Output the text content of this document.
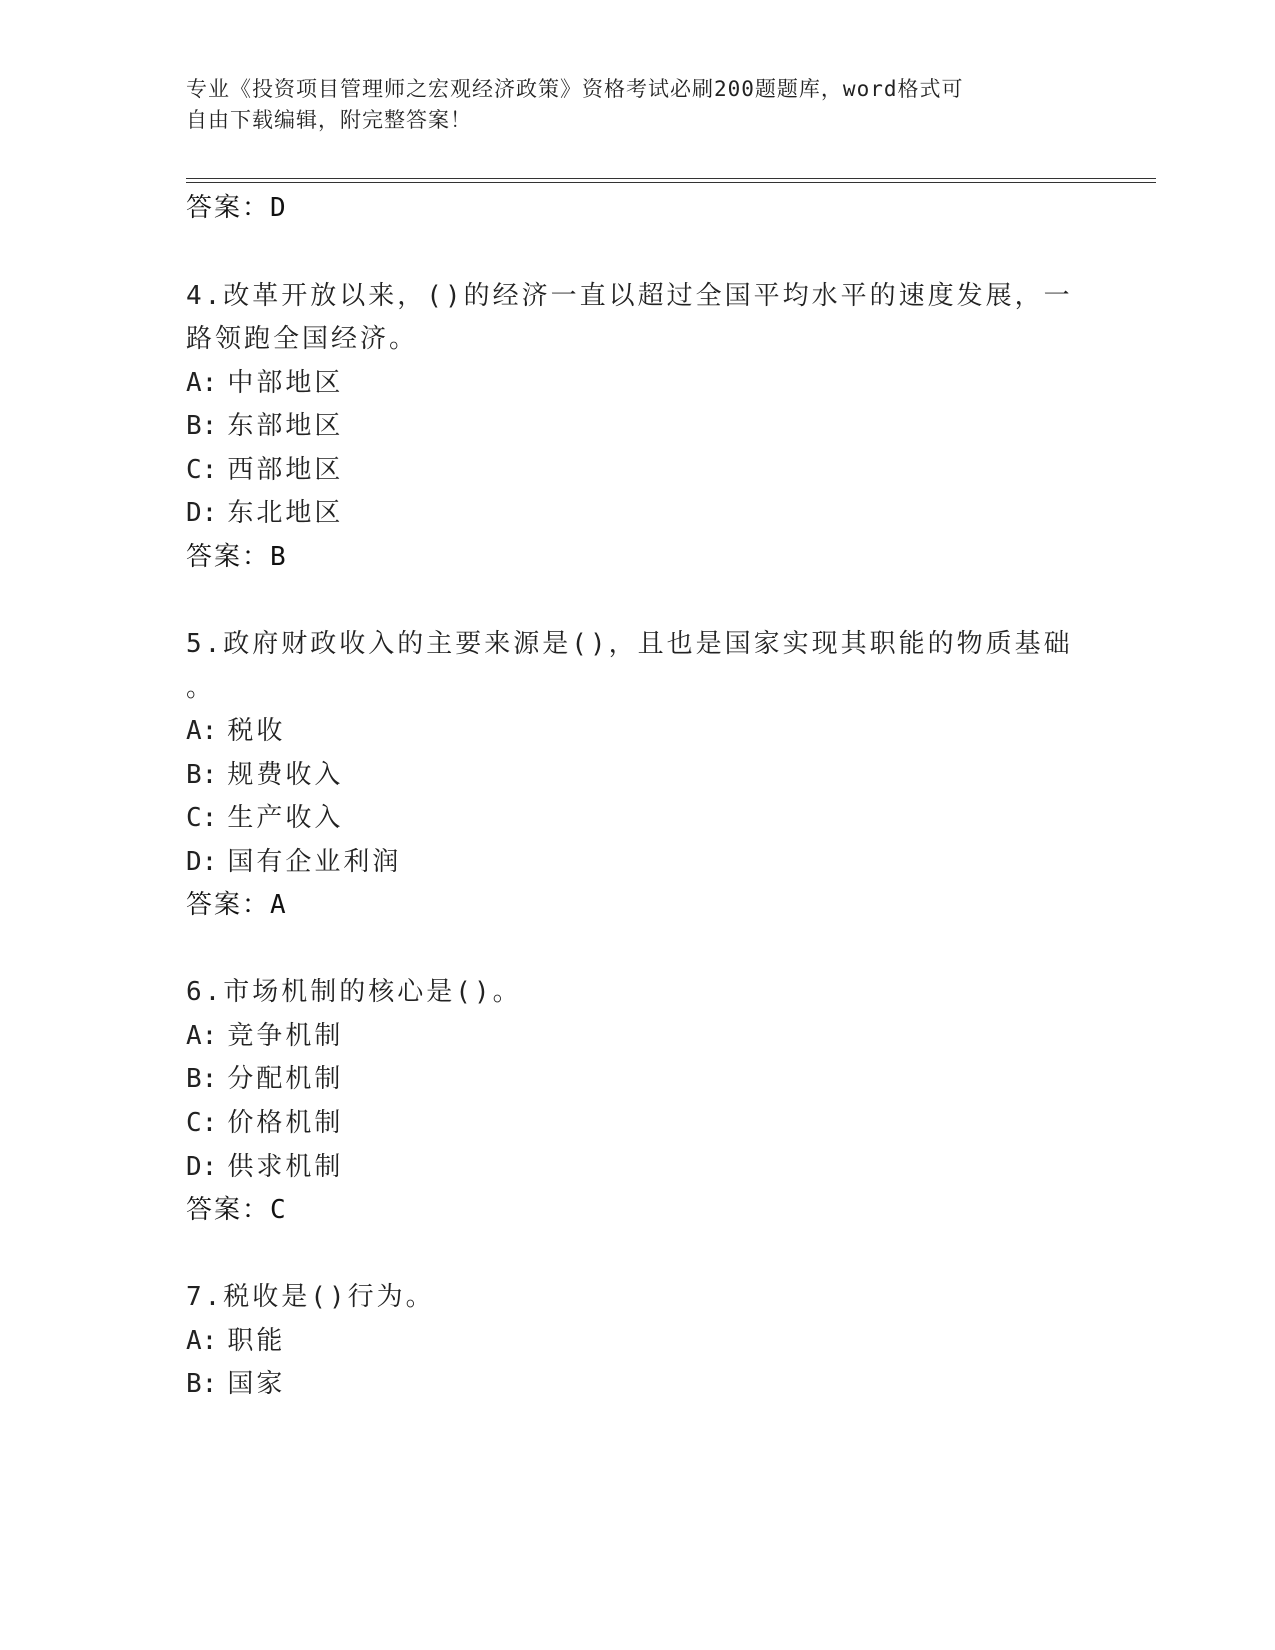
专业《投资项目管理师之宏观经济政策》资格考试必刷200题题库，word格式可
自由下载编辑，附完整答案！
答案：D
4.改革开放以来，()的经济一直以超过全国平均水平的速度发展，一
路领跑全国经济。
A: 中部地区
B: 东部地区
C: 西部地区
D: 东北地区
答案：B
5.政府财政收入的主要来源是()，且也是国家实现其职能的物质基础
。
A: 税收
B: 规费收入
C: 生产收入
D: 国有企业利润
答案：A
6.市场机制的核心是()。
A: 竞争机制
B: 分配机制
C: 价格机制
D: 供求机制
答案：C
7.税收是()行为。
A: 职能
B: 国家
